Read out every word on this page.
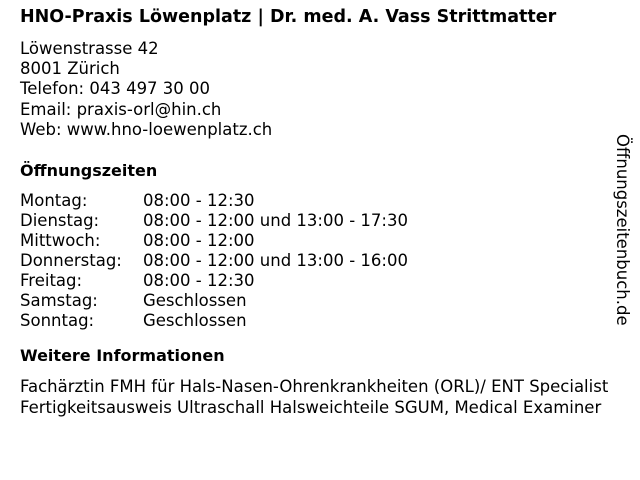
HNO-Praxis Löwenplatz | Dr. med. A. Vass Strittmatter
Löwenstrasse 42
8001 Zürich
Telefon: 043 497 30 00
Email: praxis-orl@hin.ch
Web: www.hno-loewenplatz.ch
Öffnungszeiten
Montag:	08:00 - 12:30
Dienstag:	08:00 - 12:00 und 13:00 - 17:30
Mittwoch:	08:00 - 12:00
Donnerstag:	08:00 - 12:00 und 13:00 - 16:00
Freitag:	08:00 - 12:30
Samstag:	Geschlossen
Sonntag:	Geschlossen
Weitere Informationen
Fachärztin FMH für Hals-Nasen-Ohrenkrankheiten (ORL)/ ENT Specialist
Fertigkeitsausweis Ultraschall Halsweichteile SGUM, Medical Examiner
Öffnungszeitenbuch.de
